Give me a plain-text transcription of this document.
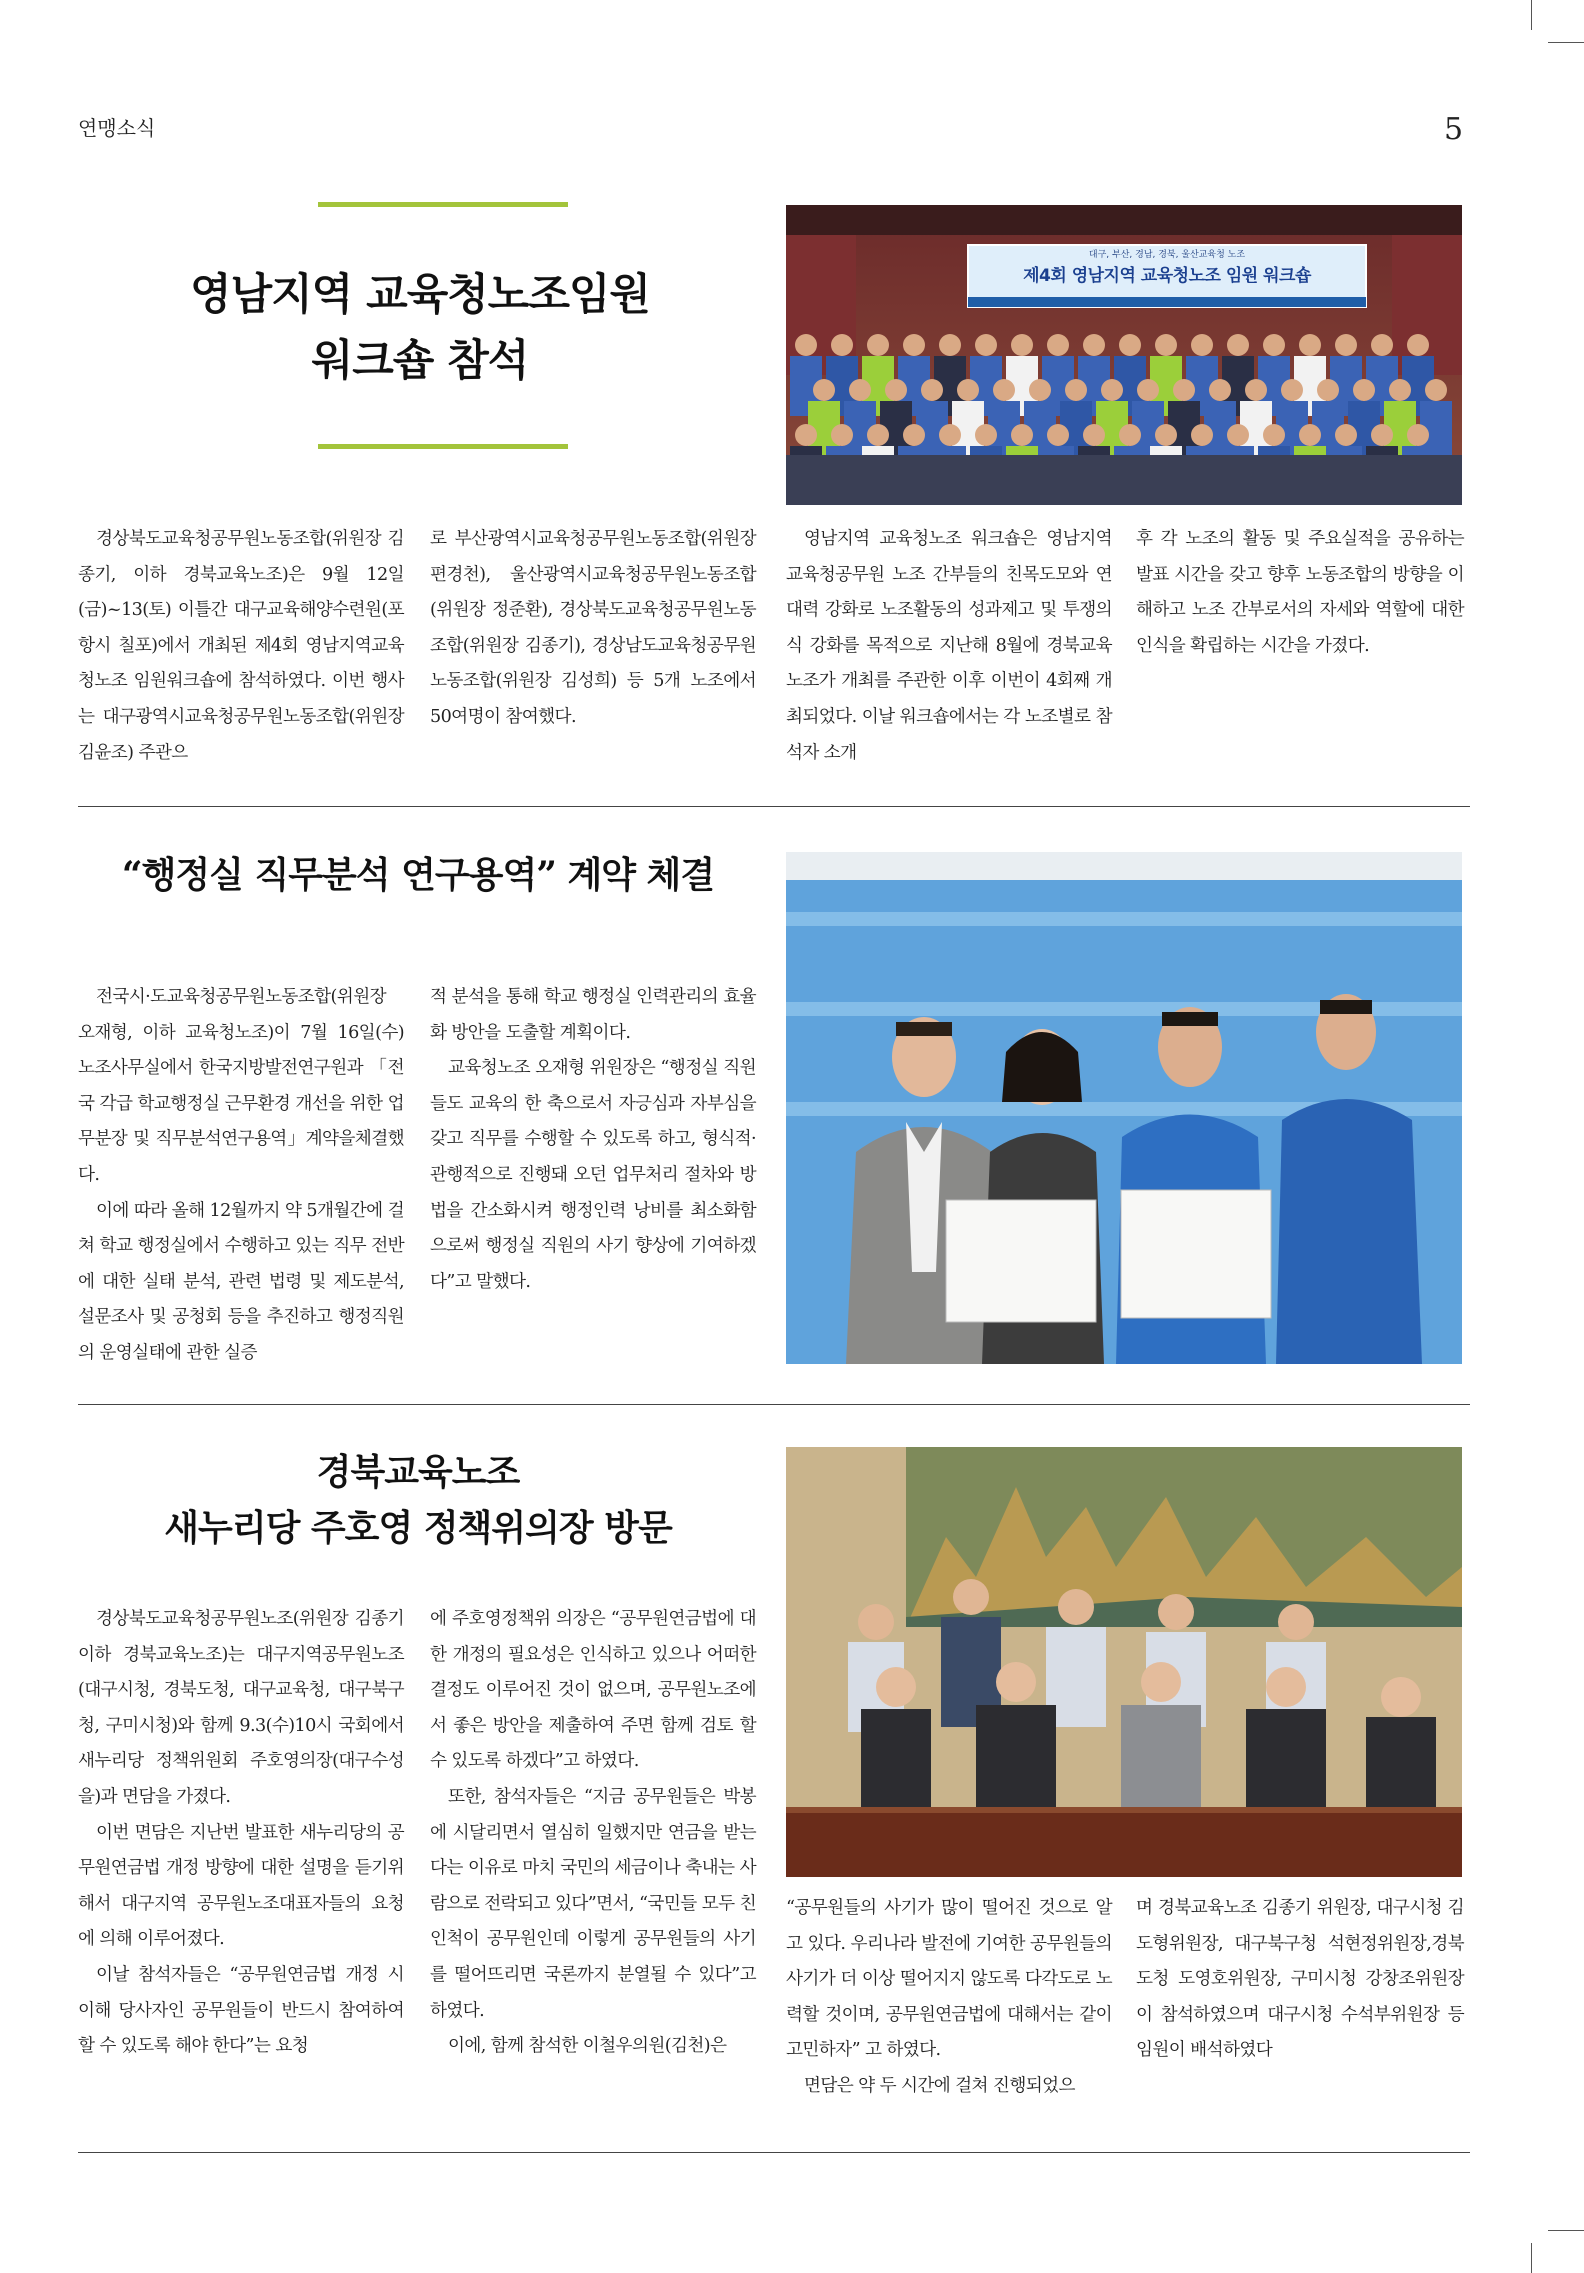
연맹소식	5
영남지역 교육청노조임원
워크숍 참석
대구, 부산, 경남, 경북, 울산교육청 노조
제4회 영남지역 교육청노조 임원 워크숍

경상북도교육청공무원노동조합(위원장 김종기, 이하 경북교육노조)은 9월 12일(금)~13(토) 이틀간 대구교육해양수련원(포항시 칠포)에서 개최된 제4회 영남지역교육청노조 임원워크숍에 참석하였다. 이번 행사는 대구광역시교육청공무원노동조합(위원장 김윤조) 주관으

로 부산광역시교육청공무원노동조합(위원장 편경천), 울산광역시교육청공무원노동조합(위원장 정준환), 경상북도교육청공무원노동조합(위원장 김종기), 경상남도교육청공무원노동조합(위원장 김성희) 등 5개 노조에서 50여명이 참여했다.

영남지역 교육청노조 워크숍은 영남지역 교육청공무원 노조 간부들의 친목도모와 연대력 강화로 노조활동의 성과제고 및 투쟁의식 강화를 목적으로 지난해 8월에 경북교육노조가 개최를 주관한 이후 이번이 4회째 개최되었다. 이날 워크숍에서는 각 노조별로 참석자 소개

후 각 노조의 활동 및 주요실적을 공유하는 발표 시간을 갖고 향후 노동조합의 방향을 이해하고 노조 간부로서의 자세와 역할에 대한 인식을 확립하는 시간을 가졌다.

“행정실 직무분석 연구용역” 계약 체결

전국시·도교육청공무원노동조합(위원장 오재형, 이하 교육청노조)이 7월 16일(수) 노조사무실에서 한국지방발전연구원과 「전국 각급 학교행정실 근무환경 개선을 위한 업무분장 및 직무분석연구용역」계약을체결했다.

이에 따라 올해 12월까지 약 5개월간에 걸쳐 학교 행정실에서 수행하고 있는 직무 전반에 대한 실태 분석, 관련 법령 및 제도분석, 설문조사 및 공청회 등을 추진하고 행정직원의 운영실태에 관한 실증

적 분석을 통해 학교 행정실 인력관리의 효율화 방안을 도출할 계획이다.

교육청노조 오재형 위원장은 “행정실 직원들도 교육의 한 축으로서 자긍심과 자부심을 갖고 직무를 수행할 수 있도록 하고, 형식적·관행적으로 진행돼 오던 업무처리 절차와 방법을 간소화시켜 행정인력 낭비를 최소화함으로써 행정실 직원의 사기 향상에 기여하겠다”고 말했다.

경북교육노조
새누리당 주호영 정책위의장 방문

경상북도교육청공무원노조(위원장 김종기 이하 경북교육노조)는 대구지역공무원노조(대구시청, 경북도청, 대구교육청, 대구북구청, 구미시청)와 함께 9.3(수)10시 국회에서 새누리당 정책위원회 주호영의장(대구수성을)과 면담을 가졌다.

이번 면담은 지난번 발표한 새누리당의 공무원연금법 개정 방향에 대한 설명을 듣기위해서 대구지역 공무원노조대표자들의 요청에 의해 이루어졌다.

이날 참석자들은 “공무원연금법 개정 시 이해 당사자인 공무원들이 반드시 참여하여 할 수 있도록 해야 한다”는 요청

에 주호영정책위 의장은 “공무원연금법에 대한 개정의 필요성은 인식하고 있으나 어떠한 결정도 이루어진 것이 없으며, 공무원노조에서 좋은 방안을 제출하여 주면 함께 검토 할 수 있도록 하겠다”고 하였다.

또한, 참석자들은 “지금 공무원들은 박봉에 시달리면서 열심히 일했지만 연금을 받는다는 이유로 마치 국민의 세금이나 축내는 사람으로 전락되고 있다”면서, “국민들 모두 친인척이 공무원인데 이렇게 공무원들의 사기를 떨어뜨리면 국론까지 분열될 수 있다”고 하였다.

이에, 함께 참석한 이철우의원(김천)은

“공무원들의 사기가 많이 떨어진 것으로 알고 있다. 우리나라 발전에 기여한 공무원들의 사기가 더 이상 떨어지지 않도록 다각도로 노력할 것이며, 공무원연금법에 대해서는 같이 고민하자” 고 하였다.

면담은 약 두 시간에 걸쳐 진행되었으

며 경북교육노조 김종기 위원장, 대구시청 김도형위원장, 대구북구청 석현정위원장,경북도청 도영호위원장, 구미시청 강창조위원장이 참석하였으며 대구시청 수석부위원장 등 임원이 배석하였다
